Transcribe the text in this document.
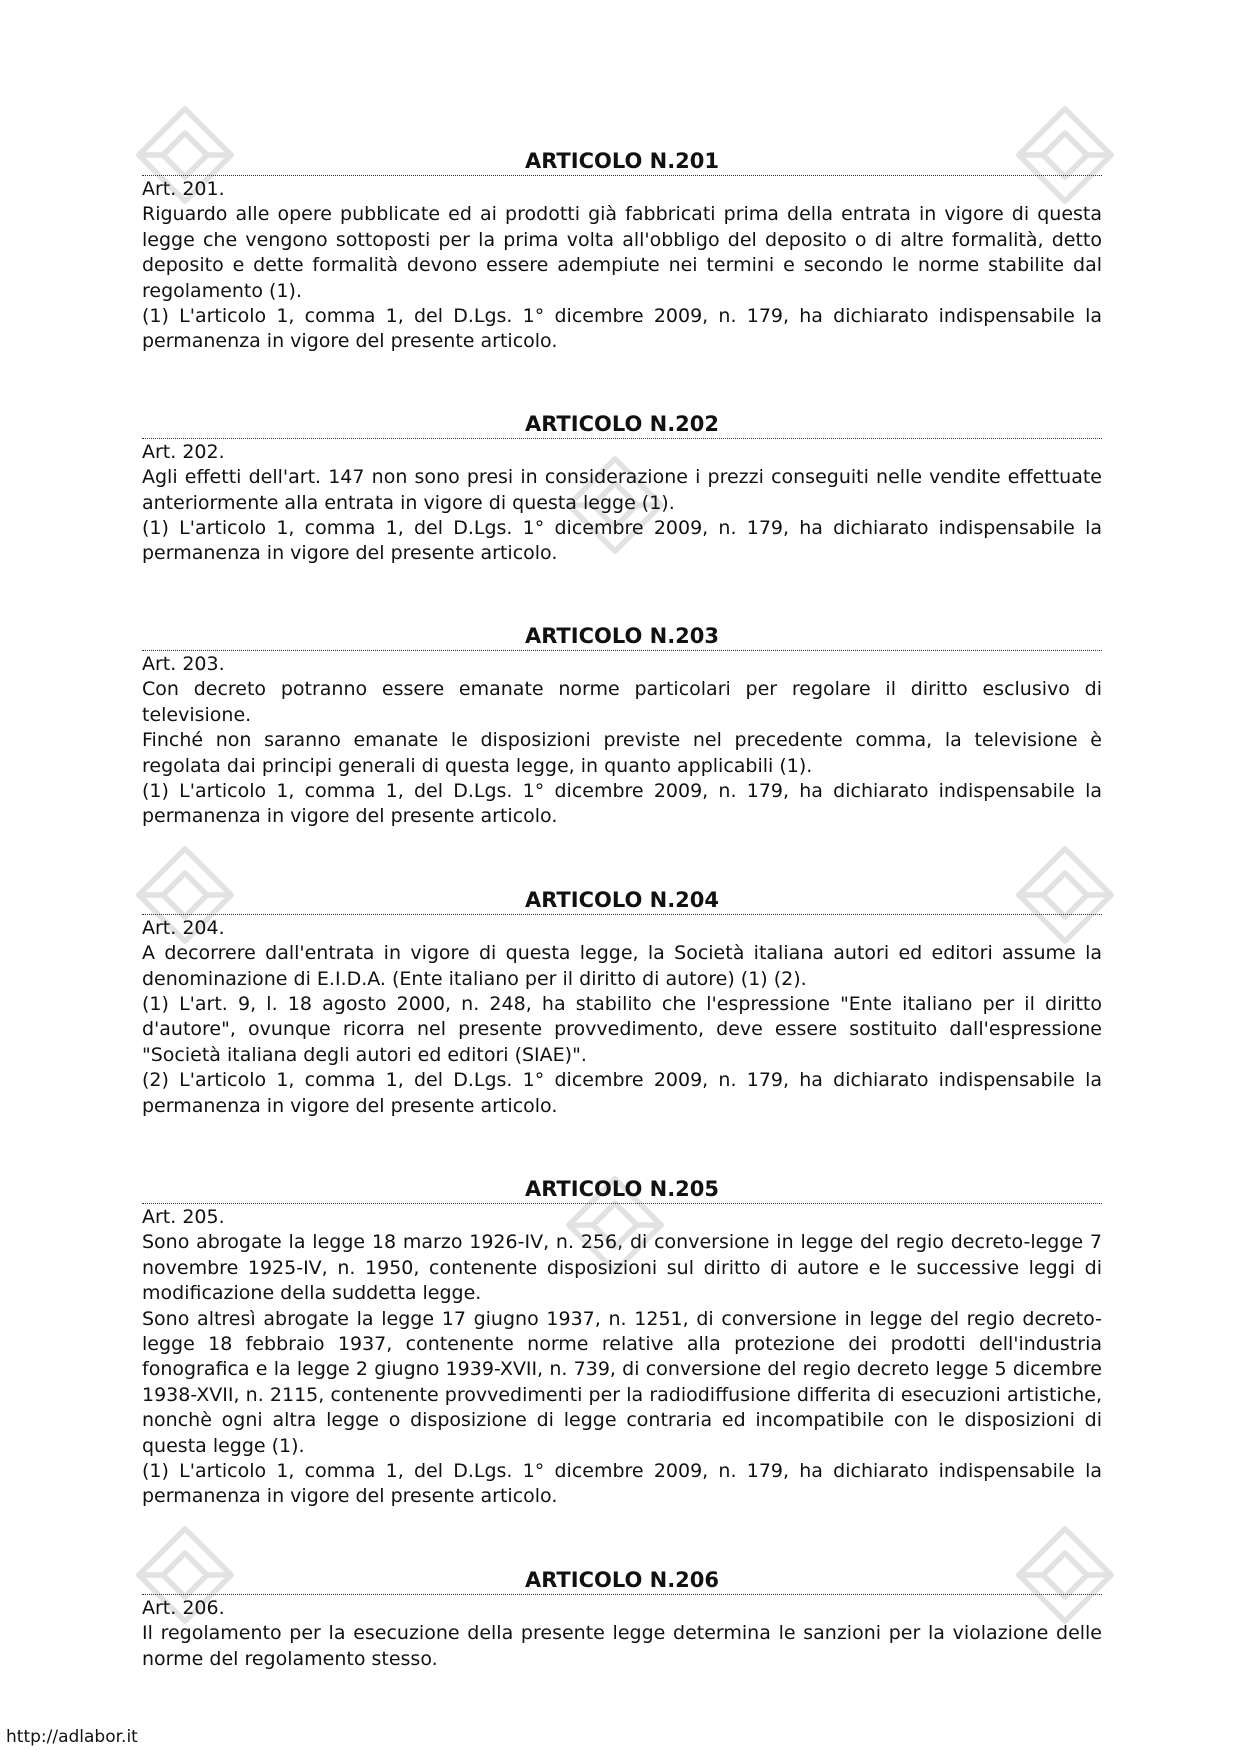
ARTICOLO N.201

Art. 201.

Riguardo alle opere pubblicate ed ai prodotti già fabbricati prima della entrata in vigore di questa legge che vengono sottoposti per la prima volta all'obbligo del deposito o di altre formalità, detto deposito e dette formalità devono essere adempiute nei termini e secondo le norme stabilite dal regolamento (1).

(1) L'articolo 1, comma 1, del D.Lgs. 1° dicembre 2009, n. 179, ha dichiarato indispensabile la permanenza in vigore del presente articolo.

ARTICOLO N.202

Art. 202.

Agli effetti dell'art. 147 non sono presi in considerazione i prezzi conseguiti nelle vendite effettuate anteriormente alla entrata in vigore di questa legge (1).

(1) L'articolo 1, comma 1, del D.Lgs. 1° dicembre 2009, n. 179, ha dichiarato indispensabile la permanenza in vigore del presente articolo.

ARTICOLO N.203

Art. 203.

Con decreto potranno essere emanate norme particolari per regolare il diritto esclusivo di televisione.

Finché non saranno emanate le disposizioni previste nel precedente comma, la televisione è regolata dai principi generali di questa legge, in quanto applicabili (1).

(1) L'articolo 1, comma 1, del D.Lgs. 1° dicembre 2009, n. 179, ha dichiarato indispensabile la permanenza in vigore del presente articolo.

ARTICOLO N.204

Art. 204.

A decorrere dall'entrata in vigore di questa legge, la Società italiana autori ed editori assume la denominazione di E.I.D.A. (Ente italiano per il diritto di autore) (1) (2).

(1) L'art. 9, l. 18 agosto 2000, n. 248, ha stabilito che l'espressione "Ente italiano per il diritto d'autore", ovunque ricorra nel presente provvedimento, deve essere sostituito dall'espressione "Società italiana degli autori ed editori (SIAE)".

(2) L'articolo 1, comma 1, del D.Lgs. 1° dicembre 2009, n. 179, ha dichiarato indispensabile la permanenza in vigore del presente articolo.

ARTICOLO N.205

Art. 205.

Sono abrogate la legge 18 marzo 1926-IV, n. 256, di conversione in legge del regio decreto-legge 7 novembre 1925-IV, n. 1950, contenente disposizioni sul diritto di autore e le successive leggi di modificazione della suddetta legge.

Sono altresì abrogate la legge 17 giugno 1937, n. 1251, di conversione in legge del regio decreto-legge 18 febbraio 1937, contenente norme relative alla protezione dei prodotti dell'industria fonografica e la legge 2 giugno 1939-XVII, n. 739, di conversione del regio decreto legge 5 dicembre 1938-XVII, n. 2115, contenente provvedimenti per la radiodiffusione differita di esecuzioni artistiche, nonchè ogni altra legge o disposizione di legge contraria ed incompatibile con le disposizioni di questa legge (1).

(1) L'articolo 1, comma 1, del D.Lgs. 1° dicembre 2009, n. 179, ha dichiarato indispensabile la permanenza in vigore del presente articolo.

ARTICOLO N.206

Art. 206.

Il regolamento per la esecuzione della presente legge determina le sanzioni per la violazione delle norme del regolamento stesso.

http://adlabor.it
